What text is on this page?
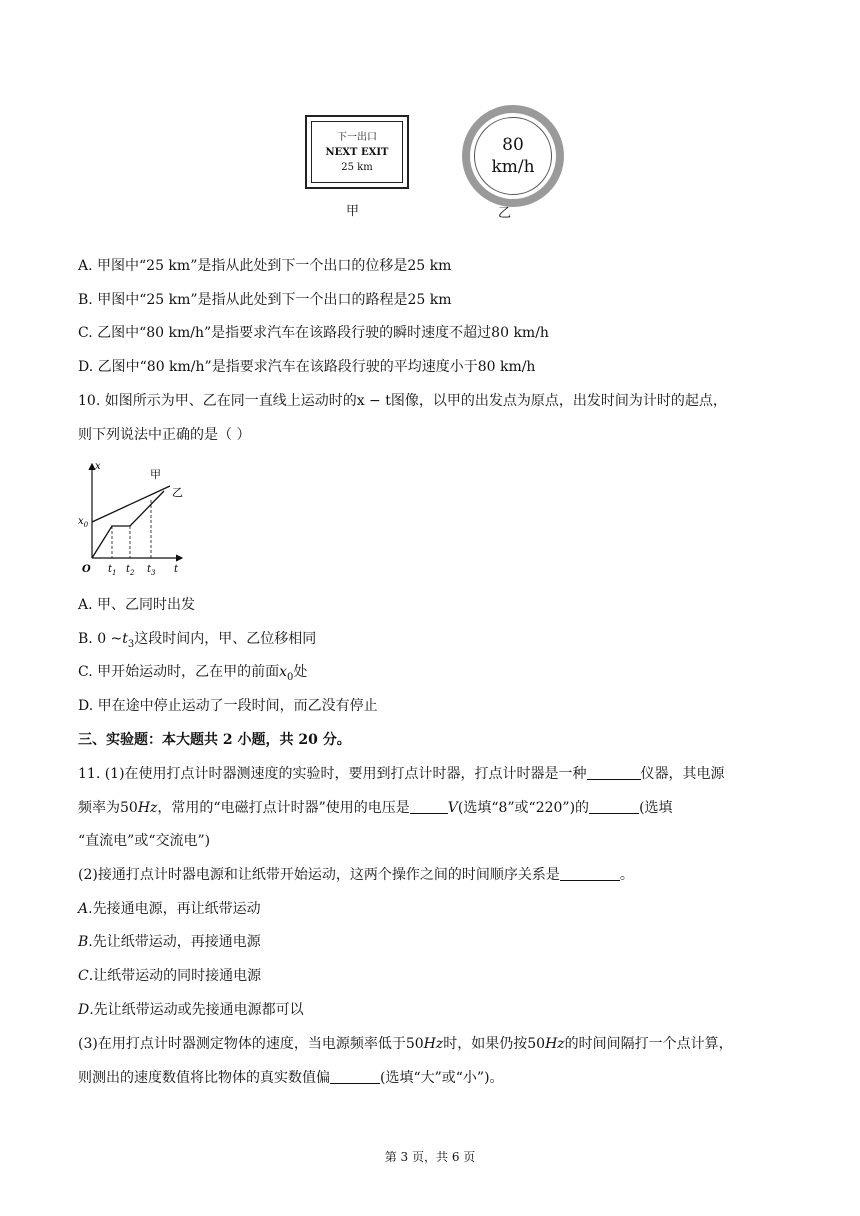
下一出口
NEXT EXIT
25 km
甲
80
km/h
乙
A. 甲图中“25 km”是指从此处到下一个出口的位移是25 km
B. 甲图中“25 km”是指从此处到下一个出口的路程是25 km
C. 乙图中“80 km/h”是指要求汽车在该路段行驶的瞬时速度不超过80 km/h
D. 乙图中“80 km/h”是指要求汽车在该路段行驶的平均速度小于80 km/h
10. 如图所示为甲、乙在同一直线上运动时的x − t图像，以甲的出发点为原点，出发时间为计时的起点，
则下列说法中正确的是（ ）
x
t
O
$x_0$
$t_1$ $t_2$ $t_3$
甲
乙
A. 甲、乙同时出发
B. 0 $\sim t_3$这段时间内，甲、乙位移相同
C. 甲开始运动时，乙在甲的前面$x_0$处
D. 甲在途中停止运动了一段时间，而乙没有停止
三、实验题：本大题共 2 小题，共 20 分。
11. (1)在使用打点计时器测速度的实验时，要用到打点计时器，打点计时器是一种	仪器，其电源
频率为50Hz，常用的“电磁打点计时器”使用的电压是	V(选填“8”或“220”)的	(选填
“直流电”或“交流电”)
(2)接通打点计时器电源和让纸带开始运动，这两个操作之间的时间顺序关系是	。
A.先接通电源，再让纸带运动
B.先让纸带运动，再接通电源
C.让纸带运动的同时接通电源
D.先让纸带运动或先接通电源都可以
(3)在用打点计时器测定物体的速度，当电源频率低于50Hz时，如果仍按50Hz的时间间隔打一个点计算，
则测出的速度数值将比物体的真实数值偏	(选填“大”或“小”)。
第 3 页，共 6 页
